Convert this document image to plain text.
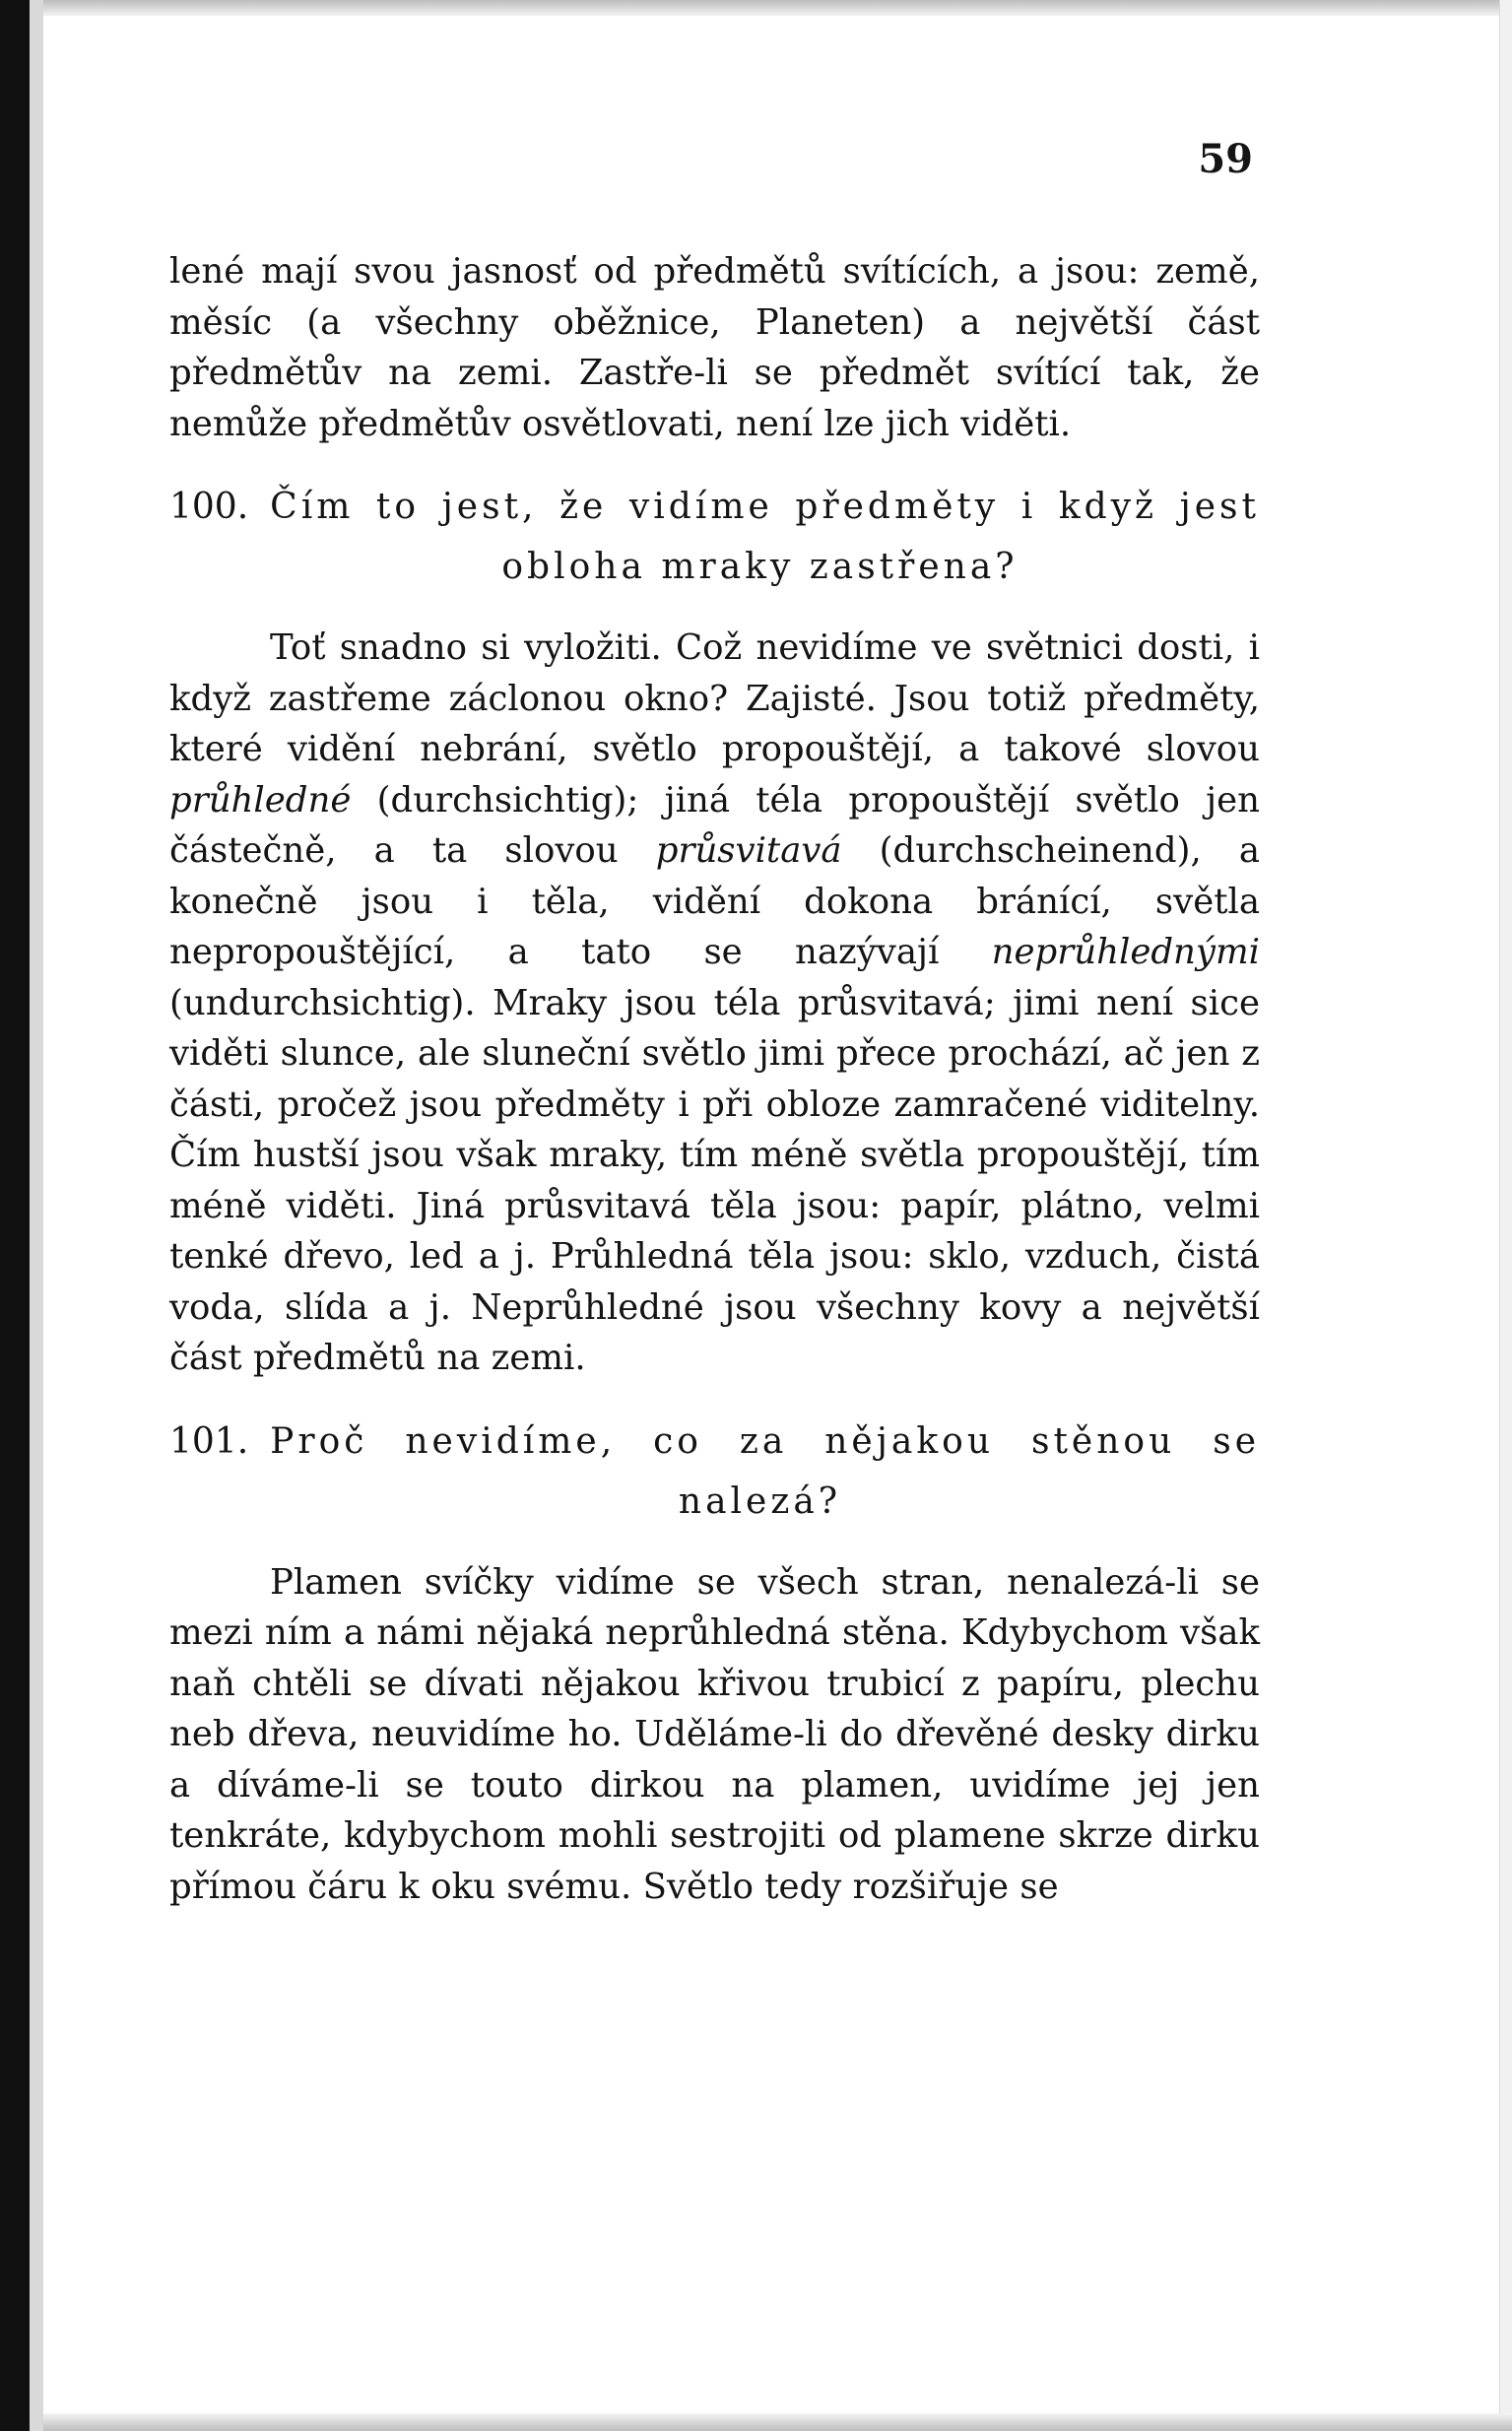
59

lené mají svou jasnosť od předmětů svítících, a jsou: země, měsíc (a všechny oběžnice, Planeten) a největší část předmětův na zemi. Zastře-li se předmět svítící tak, že nemůže předmětův osvětlovati, není lze jich viděti.

100. Čím to jest, že vidíme předměty i když jest obloha mraky zastřena?

Toť snadno si vyložiti. Což nevidíme ve světnici dosti, i když zastřeme záclonou okno? Zajisté. Jsou totiž předměty, které vidění nebrání, světlo propouštějí, a takové slovou průhledné (durchsichtig); jiná téla propouštějí světlo jen částečně, a ta slovou průsvitavá (durchscheinend), a konečně jsou i těla, vidění dokona bránící, světla nepropouštějící, a tato se nazývají neprůhlednými (undurchsichtig). Mraky jsou téla průsvitavá; jimi není sice viděti slunce, ale sluneční světlo jimi přece prochází, ač jen z části, pročež jsou předměty i při obloze zamračené viditelny. Čím hustší jsou však mraky, tím méně světla propouštějí, tím méně viděti. Jiná průsvitavá těla jsou: papír, plátno, velmi tenké dřevo, led a j. Průhledná těla jsou: sklo, vzduch, čistá voda, slída a j. Neprůhledné jsou všechny kovy a největší část předmětů na zemi.

101. Proč nevidíme, co za nějakou stěnou se nalezá?

Plamen svíčky vidíme se všech stran, nenalezá-li se mezi ním a námi nějaká neprůhledná stěna. Kdybychom však naň chtěli se dívati nějakou křivou trubicí z papíru, plechu neb dřeva, neuvidíme ho. Uděláme-li do dřevěné desky dirku a díváme-li se touto dirkou na plamen, uvidíme jej jen tenkráte, kdybychom mohli sestrojiti od plamene skrze dirku přímou čáru k oku svému. Světlo tedy rozšiřuje se
